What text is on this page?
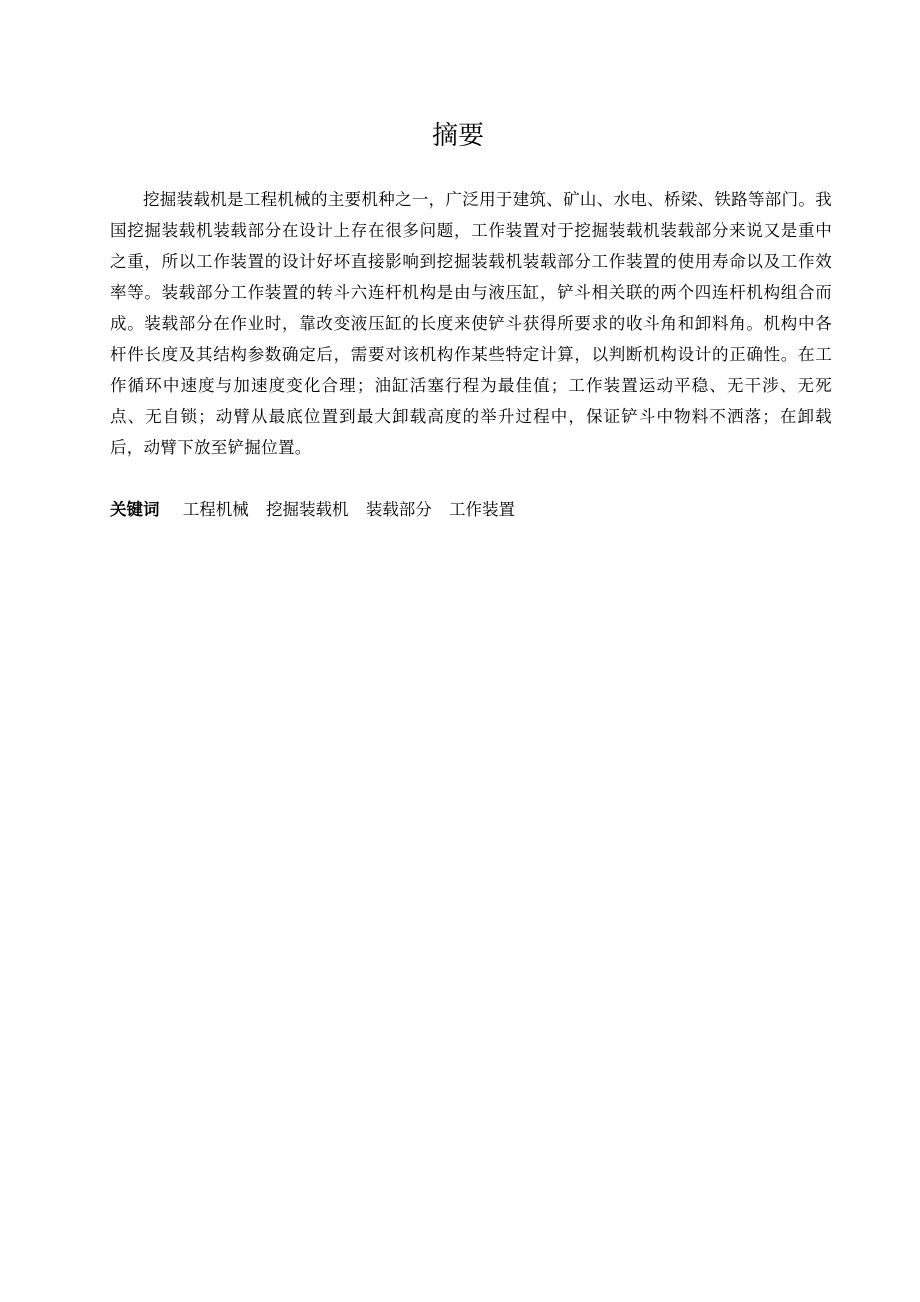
摘要

挖掘装载机是工程机械的主要机种之一，广泛用于建筑、矿山、水电、桥梁、铁路等部门。我国挖掘装载机装载部分在设计上存在很多问题，工作装置对于挖掘装载机装载部分来说又是重中之重，所以工作装置的设计好坏直接影响到挖掘装载机装载部分工作装置的使用寿命以及工作效率等。装载部分工作装置的转斗六连杆机构是由与液压缸，铲斗相关联的两个四连杆机构组合而成。装载部分在作业时，靠改变液压缸的长度来使铲斗获得所要求的收斗角和卸料角。机构中各杆件长度及其结构参数确定后，需要对该机构作某些特定计算，以判断机构设计的正确性。在工作循环中速度与加速度变化合理；油缸活塞行程为最佳值；工作装置运动平稳、无干涉、无死点、无自锁；动臂从最底位置到最大卸载高度的举升过程中，保证铲斗中物料不洒落；在卸载后，动臂下放至铲掘位置。

关键词 工程机械 挖掘装载机 装载部分 工作装置
